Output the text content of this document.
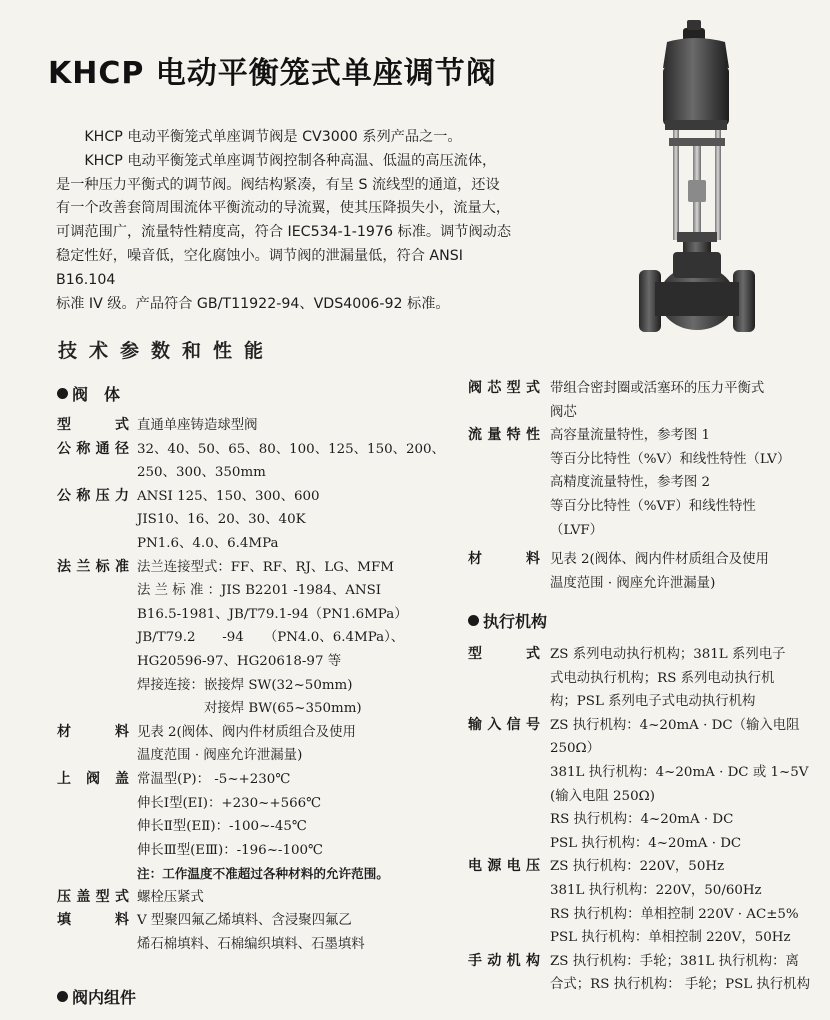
KHCP 电动平衡笼式单座调节阀

　　KHCP 电动平衡笼式单座调节阀是 CV3000 系列产品之一。

　　KHCP 电动平衡笼式单座调节阀控制各种高温、低温的高压流体，

是一种压力平衡式的调节阀。阀结构紧凑，有呈 S 流线型的通道，还设

有一个改善套筒周围流体平衡流动的导流翼，使其压降损失小，流量大，

可调范围广，流量特性精度高，符合 IEC534-1-1976 标准。调节阀动态

稳定性好，噪音低，空化腐蚀小。调节阀的泄漏量低，符合 ANSI B16.104

标准 IV 级。产品符合 GB/T11922-94、VDS4006-92 标准。

技术参数和性能
阀　体
型　式 直通单座铸造球型阀
公称通径 32、40、50、65、80、100、125、150、200、
250、300、350mm
公称压力 ANSI 125、150、300、600
JIS10、16、20、30、40K
PN1.6、4.0、6.4MPa
法兰标准 法兰连接型式：FF、RF、RJ、LG、MFM
法 兰 标 准 ：JIS B2201 -1984、ANSI
B16.5-1981、JB/T79.1-94（PN1.6MPa）
JB/T79.2　　-94　　（PN4.0、6.4MPa）、
HG20596-97、HG20618-97 等
焊接连接：嵌接焊 SW(32~50mm)
　　　　　对接焊 BW(65~350mm)
材　料 见表 2(阀体、阀内件材质组合及使用
温度范围 · 阀座允许泄漏量)
上阀盖 常温型(P)： -5~+230℃
伸长Ⅰ型(EⅠ)：+230~+566℃
伸长Ⅱ型(EⅡ)：-100~-45℃
伸长Ⅲ型(EⅢ)：-196~-100℃
注：工作温度不准超过各种材料的允许范围。
压盖型式 螺栓压紧式
填　料 V 型聚四氟乙烯填料、含浸聚四氟乙
烯石棉填料、石棉编织填料、石墨填料
阀芯型式 带组合密封圈或活塞环的压力平衡式
阀芯
流量特性 高容量流量特性，参考图 1
等百分比特性（%V）和线性特性（LV）
高精度流量特性，参考图 2
等百分比特性（%VF）和线性特性
（LVF）
材　料 见表 2(阀体、阀内件材质组合及使用
温度范围 · 阀座允许泄漏量)
执行机构
型　式 ZS 系列电动执行机构；381L 系列电子
式电动执行机构；RS 系列电动执行机
构；PSL 系列电子式电动执行机构
输入信号 ZS 执行机构：4~20mA · DC（输入电阻
250Ω）
381L 执行机构：4~20mA · DC 或 1~5V
(输入电阻 250Ω)
RS 执行机构：4~20mA · DC
PSL 执行机构：4~20mA · DC
电源电压 ZS 执行机构：220V，50Hz
381L 执行机构：220V，50/60Hz
RS 执行机构：单相控制 220V · AC±5%
PSL 执行机构：单相控制 220V，50Hz
手动机构 ZS 执行机构：手轮；381L 执行机构：离
合式；RS 执行机构： 手轮；PSL 执行机构
阀内组件
